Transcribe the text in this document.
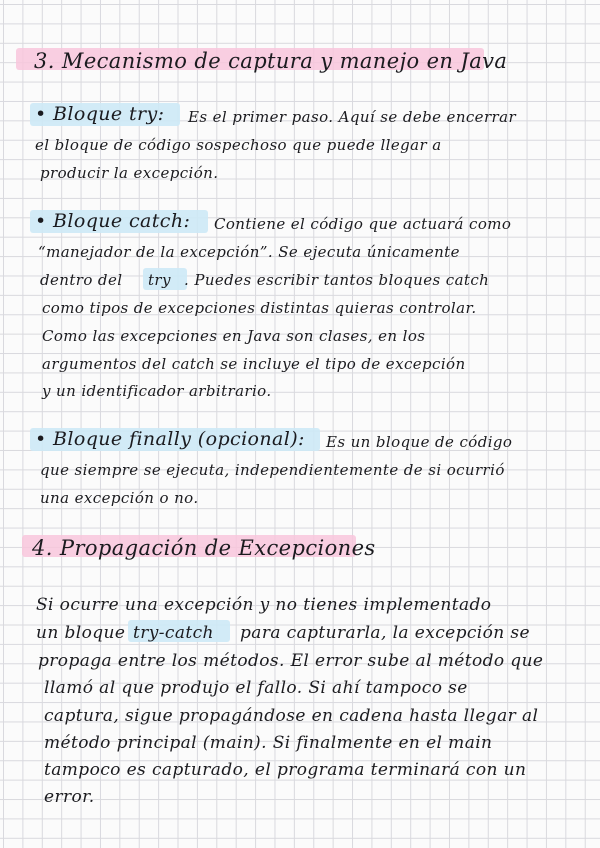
3. Mecanismo de captura y manejo en Java
• Bloque try: Es el primer paso. Aquí se debe encerrar
el bloque de código sospechoso que puede llegar a
producir la excepción.
• Bloque catch: Contiene el código que actuará como
“manejador de la excepción”. Se ejecuta únicamente
dentro del try . Puedes escribir tantos bloques catch
como tipos de excepciones distintas quieras controlar.
Como las excepciones en Java son clases, en los
argumentos del catch se incluye el tipo de excepción
y un identificador arbitrario.
• Bloque finally (opcional): Es un bloque de código
que siempre se ejecuta, independientemente de si ocurrió
una excepción o no.
4. Propagación de Excepciones
Si ocurre una excepción y no tienes implementado
un bloque try-catch para capturarla, la excepción se
propaga entre los métodos. El error sube al método que
llamó al que produjo el fallo. Si ahí tampoco se
captura, sigue propagándose en cadena hasta llegar al
método principal (main). Si finalmente en el main
tampoco es capturado, el programa terminará con un
error.
